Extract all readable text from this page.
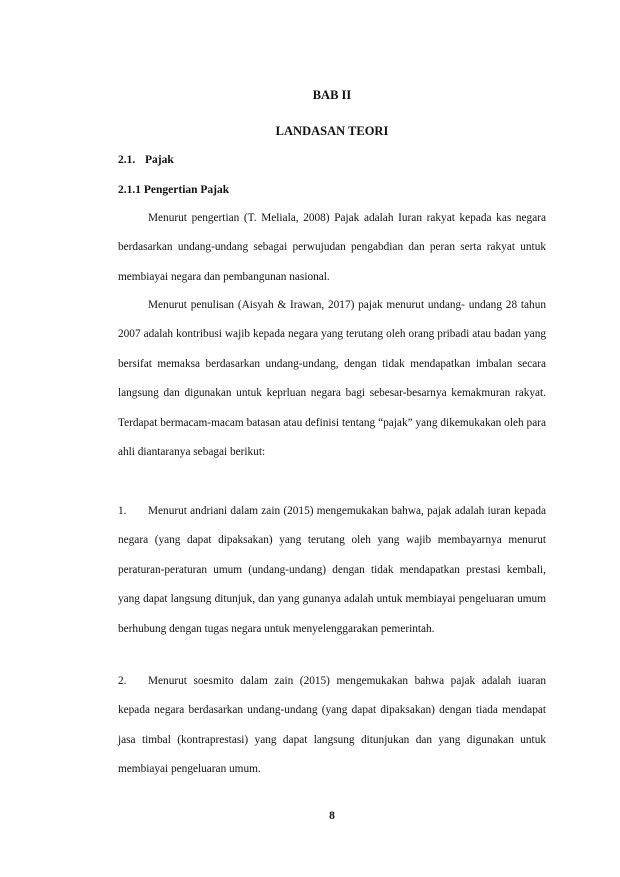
BAB II
LANDASAN TEORI
2.1. Pajak
2.1.1 Pengertian Pajak

Menurut pengertian (T. Meliala, 2008) Pajak adalah Iuran rakyat kepada kas negara berdasarkan undang-undang sebagai perwujudan pengabdian dan peran serta rakyat untuk membiayai negara dan pembangunan nasional.

Menurut penulisan (Aisyah & Irawan, 2017) pajak menurut undang- undang 28 tahun 2007 adalah kontribusi wajib kepada negara yang terutang oleh orang pribadi atau badan yang bersifat memaksa berdasarkan undang-undang, dengan tidak mendapatkan imbalan secara langsung dan digunakan untuk keprluan negara bagi sebesar-besarnya kemakmuran rakyat. Terdapat bermacam-macam batasan atau definisi tentang “pajak” yang dikemukakan oleh para ahli diantaranya sebagai berikut:

1. Menurut andriani dalam zain (2015) mengemukakan bahwa, pajak adalah iuran kepada negara (yang dapat dipaksakan) yang terutang oleh yang wajib membayarnya menurut peraturan-peraturan umum (undang-undang) dengan tidak mendapatkan prestasi kembali, yang dapat langsung ditunjuk, dan yang gunanya adalah untuk membiayai pengeluaran umum berhubung dengan tugas negara untuk menyelenggarakan pemerintah.

2. Menurut soesmito dalam zain (2015) mengemukakan bahwa pajak adalah iuaran kepada negara berdasarkan undang-undang (yang dapat dipaksakan) dengan tiada mendapat jasa timbal (kontraprestasi) yang dapat langsung ditunjukan dan yang digunakan untuk membiayai pengeluaran umum.

8
